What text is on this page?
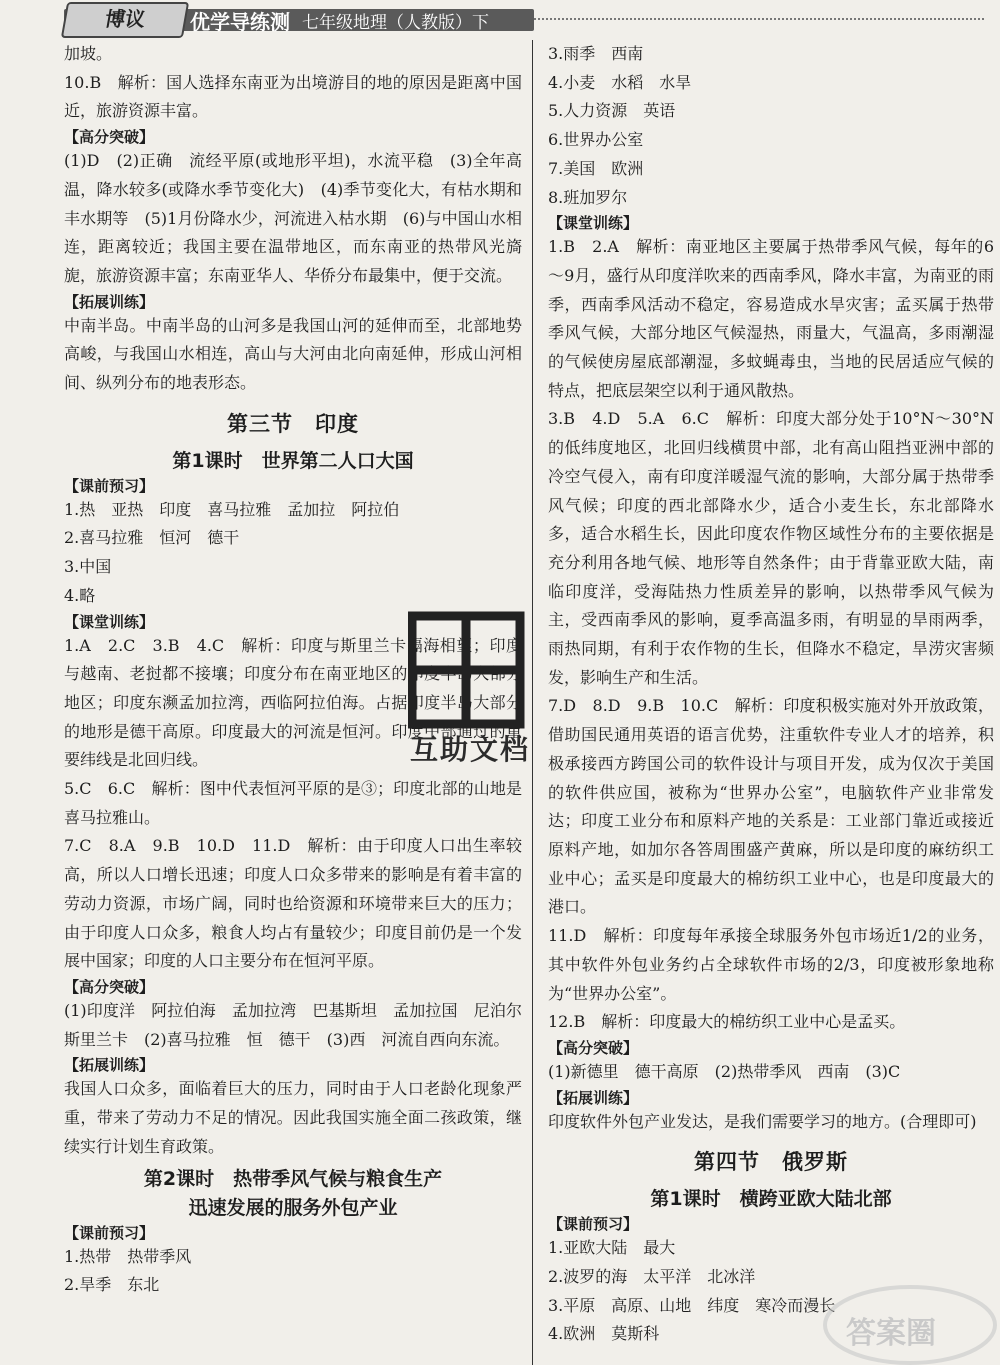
博议	优学导练测 七年级地理（人教版）下
加坡。
10.B　解析：国人选择东南亚为出境游目的地的原因是距离中国近，旅游资源丰富。
【高分突破】
(1)D　(2)正确　流经平原(或地形平坦)，水流平稳　(3)全年高温，降水较多(或降水季节变化大)　(4)季节变化大，有枯水期和丰水期等　(5)1月份降水少，河流进入枯水期　(6)与中国山水相连，距离较近；我国主要在温带地区，而东南亚的热带风光旖旎，旅游资源丰富；东南亚华人、华侨分布最集中，便于交流。
【拓展训练】
中南半岛。中南半岛的山河多是我国山河的延伸而至，北部地势高峻，与我国山水相连，高山与大河由北向南延伸，形成山河相间、纵列分布的地表形态。
第三节　印度
第1课时　世界第二人口大国
【课前预习】
1.热　亚热　印度　喜马拉雅　孟加拉　阿拉伯
2.喜马拉雅　恒河　德干
3.中国
4.略
【课堂训练】
1.A　2.C　3.B　4.C　解析：印度与斯里兰卡隔海相望；印度与越南、老挝都不接壤；印度分布在南亚地区的印度半岛大部分地区；印度东濒孟加拉湾，西临阿拉伯海。占据印度半岛大部分的地形是德干高原。印度最大的河流是恒河。印度中部通过的重要纬线是北回归线。
5.C　6.C　解析：图中代表恒河平原的是③；印度北部的山地是喜马拉雅山。
7.C　8.A　9.B　10.D　11.D　解析：由于印度人口出生率较高，所以人口增长迅速；印度人口众多带来的影响是有着丰富的劳动力资源，市场广阔，同时也给资源和环境带来巨大的压力；由于印度人口众多，粮食人均占有量较少；印度目前仍是一个发展中国家；印度的人口主要分布在恒河平原。
【高分突破】
(1)印度洋　阿拉伯海　孟加拉湾　巴基斯坦　孟加拉国　尼泊尔　斯里兰卡　(2)喜马拉雅　恒　德干　(3)西　河流自西向东流。
【拓展训练】
我国人口众多，面临着巨大的压力，同时由于人口老龄化现象严重，带来了劳动力不足的情况。因此我国实施全面二孩政策，继续实行计划生育政策。
第2课时　热带季风气候与粮食生产
迅速发展的服务外包产业
【课前预习】
1.热带　热带季风
2.旱季　东北
3.雨季　西南
4.小麦　水稻　水旱
5.人力资源　英语
6.世界办公室
7.美国　欧洲
8.班加罗尔
【课堂训练】
1.B　2.A　解析：南亚地区主要属于热带季风气候，每年的6～9月，盛行从印度洋吹来的西南季风，降水丰富，为南亚的雨季，西南季风活动不稳定，容易造成水旱灾害；孟买属于热带季风气候，大部分地区气候湿热，雨量大，气温高，多雨潮湿的气候使房屋底部潮湿，多蚊蝇毒虫，当地的民居适应气候的特点，把底层架空以利于通风散热。
3.B　4.D　5.A　6.C　解析：印度大部分处于10°N～30°N的低纬度地区，北回归线横贯中部，北有高山阻挡亚洲中部的冷空气侵入，南有印度洋暖湿气流的影响，大部分属于热带季风气候；印度的西北部降水少，适合小麦生长，东北部降水多，适合水稻生长，因此印度农作物区域性分布的主要依据是充分利用各地气候、地形等自然条件；由于背靠亚欧大陆，南临印度洋，受海陆热力性质差异的影响，以热带季风气候为主，受西南季风的影响，夏季高温多雨，有明显的旱雨两季，雨热同期，有利于农作物的生长，但降水不稳定，旱涝灾害频发，影响生产和生活。
7.D　8.D　9.B　10.C　解析：印度积极实施对外开放政策，借助国民通用英语的语言优势，注重软件专业人才的培养，积极承接西方跨国公司的软件设计与项目开发，成为仅次于美国的软件供应国，被称为“世界办公室”，电脑软件产业非常发达；印度工业分布和原料产地的关系是：工业部门靠近或接近原料产地，如加尔各答周围盛产黄麻，所以是印度的麻纺织工业中心；孟买是印度最大的棉纺织工业中心，也是印度最大的港口。
11.D　解析：印度每年承接全球服务外包市场近1/2的业务，其中软件外包业务约占全球软件市场的2/3，印度被形象地称为“世界办公室”。
12.B　解析：印度最大的棉纺织工业中心是孟买。
【高分突破】
(1)新德里　德干高原　(2)热带季风　西南　(3)C
【拓展训练】
印度软件外包产业发达，是我们需要学习的地方。(合理即可)
第四节　俄罗斯
第1课时　横跨亚欧大陆北部
【课前预习】
1.亚欧大陆　最大
2.波罗的海　太平洋　北冰洋
3.平原　高原、山地　纬度　寒冷而漫长
4.欧洲　莫斯科
互助文档
答案圈
